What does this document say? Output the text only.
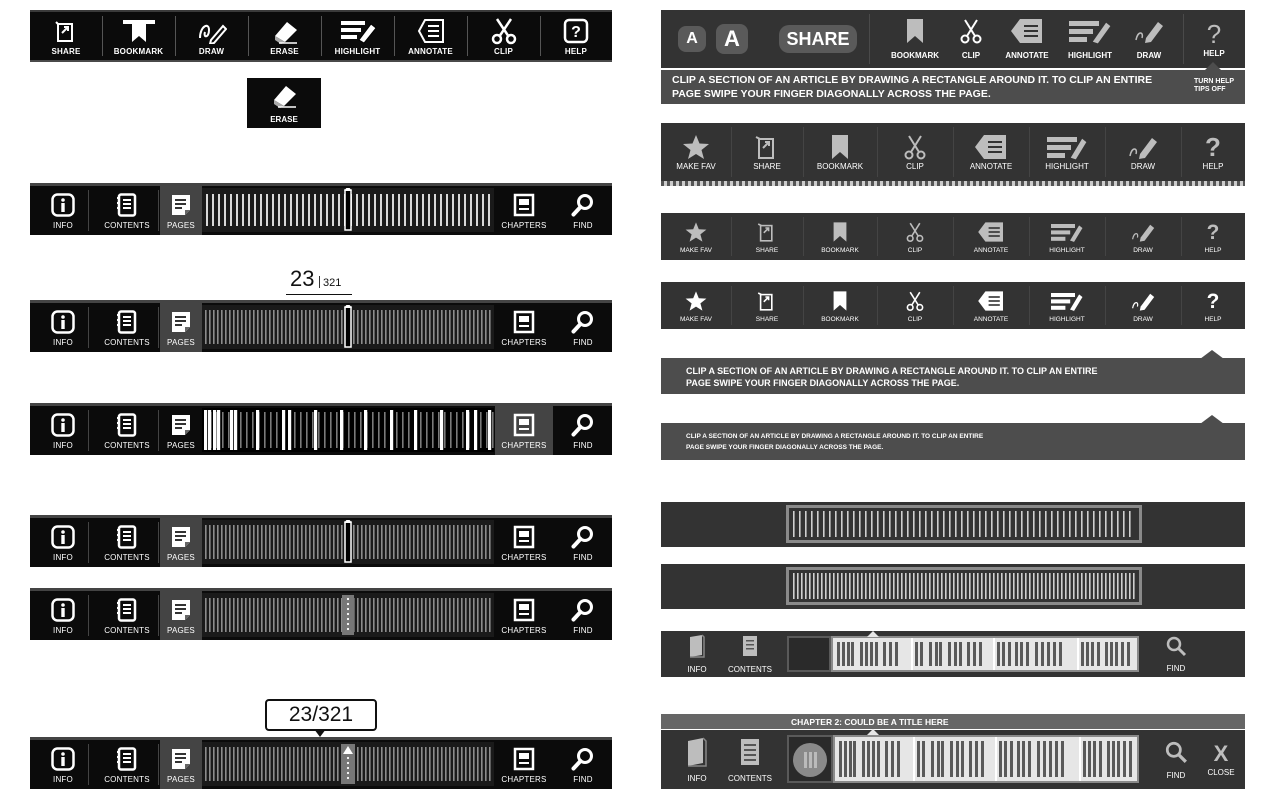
SHARE	BOOKMARK	DRAW	ERASE	HIGHLIGHT	ANNOTATE	CLIP
?
HELP
ERASE
23 321
23/321
INFO	CONTENTS PAGES	CHAPTERS	FIND
INFO	CONTENTS PAGES	CHAPTERS	FIND
INFO	CONTENTS PAGES	CHAPTERS	FIND
INFO	CONTENTS PAGES	CHAPTERS	FIND
INFO	CONTENTS PAGES	CHAPTERS	FIND
INFO	CONTENTS PAGES	CHAPTERS	FIND
A A	SHARE
BOOKMARK	CLIP	ANNOTATE HIGHLIGHT	DRAW
?
HELP
CLIP A SECTION OF AN ARTICLE BY DRAWING A RECTANGLE AROUND IT. TO CLIP AN ENTIRE
PAGE SWIPE YOUR FINGER DIAGONALLY ACROSS THE PAGE.
TURN HELP
TIPS OFF
MAKE FAV	SHARE	BOOKMARK	CLIP	ANNOTATE	HIGHLIGHT	DRAW
?
HELP
MAKE FAV	SHARE	BOOKMARK	CLIP	ANNOTATE	HIGHLIGHT	DRAW
?
HELP
MAKE FAV	SHARE	BOOKMARK	CLIP	ANNOTATE	HIGHLIGHT	DRAW
?
HELP
CLIP A SECTION OF AN ARTICLE BY DRAWING A RECTANGLE AROUND IT. TO CLIP AN ENTIRE
PAGE SWIPE YOUR FINGER DIAGONALLY ACROSS THE PAGE.
CLIP A SECTION OF AN ARTICLE BY DRAWING A RECTANGLE AROUND IT. TO CLIP AN ENTIRE
PAGE SWIPE YOUR FINGER DIAGONALLY ACROSS THE PAGE.
INFO	CONTENTS	FIND
CHAPTER 2: COULD BE A TITLE HERE
INFO	CONTENTS	FIND
X
CLOSE
